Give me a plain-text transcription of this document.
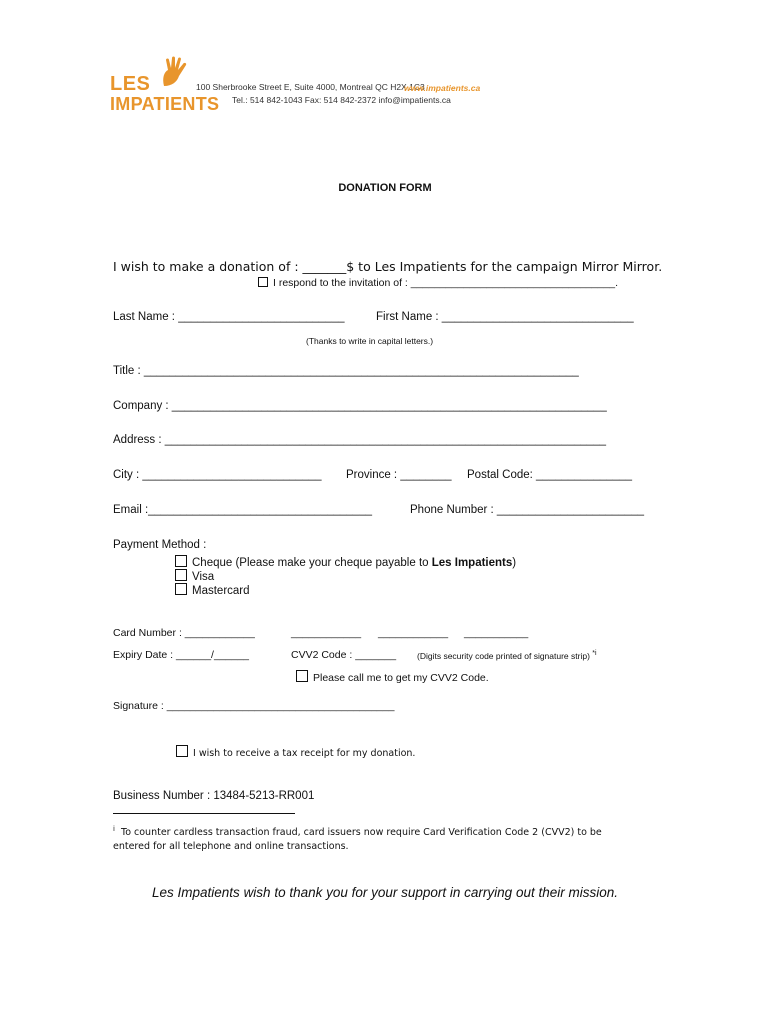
LES
IMPATIENTS
100 Sherbrooke Street E, Suite 4000, Montreal QC H2X 1C3
www.impatients.ca
Tel.: 514 842-1043 Fax: 514 842-2372 info@impatients.ca
DONATION FORM
I wish to make a donation of : _______$ to Les Impatients for the campaign Mirror Mirror.
I respond to the invitation of : ___________________________________.
Last Name : __________________________	First Name : ______________________________
(Thanks to write in capital letters.)
Title : ____________________________________________________________________
Company : ____________________________________________________________________
Address : _____________________________________________________________________
City : ____________________________ Province : ________ Postal Code: _______________
Email :___________________________________	Phone Number : _______________________
Payment Method :
Cheque (Please make your cheque payable to Les Impatients)
Visa
Mastercard
Card Number : ____________	____________ ____________ ___________
Expiry Date : ______/______	CVV2 Code : _______ (Digits security code printed of signature strip) $^{*i}$
Please call me to get my CVV2 Code.
Signature : _______________________________________
I wish to receive a tax receipt for my donation.
Business Number : 13484-5213-RR001
$^i$ To counter cardless transaction fraud, card issuers now require Card Verification Code 2 (CVV2) to be
entered for all telephone and online transactions.
Les Impatients wish to thank you for your support in carrying out their mission.
